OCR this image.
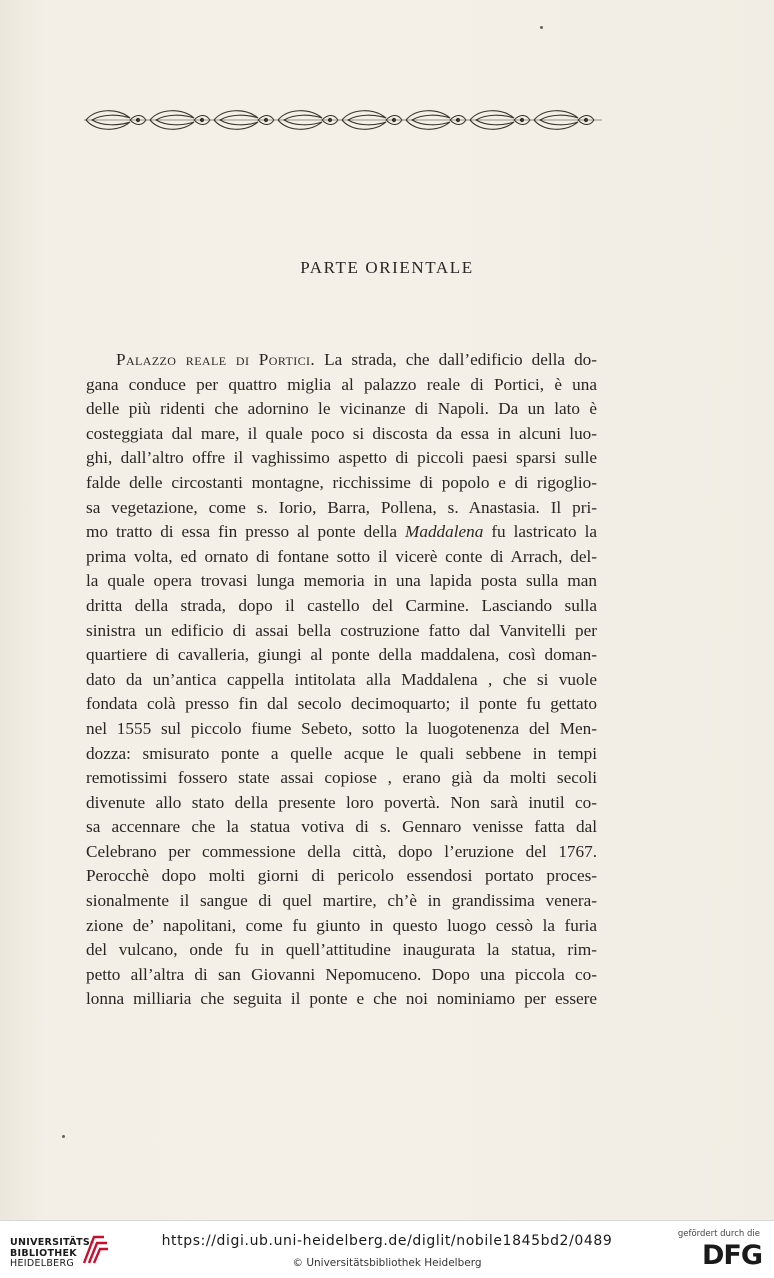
PARTE ORIENTALE
Palazzo reale di Portici. La strada, che dall’edificio della do-
gana conduce per quattro miglia al palazzo reale di Portici, è una
delle più ridenti che adornino le vicinanze di Napoli. Da un lato è
costeggiata dal mare, il quale poco si discosta da essa in alcuni luo-
ghi, dall’altro offre il vaghissimo aspetto di piccoli paesi sparsi sulle
falde delle circostanti montagne, ricchissime di popolo e di rigoglio-
sa vegetazione, come s. Iorio, Barra, Pollena, s. Anastasia. Il pri-
mo tratto di essa fin presso al ponte della Maddalena fu lastricato la
prima volta, ed ornato di fontane sotto il vicerè conte di Arrach, del-
la quale opera trovasi lunga memoria in una lapida posta sulla man
dritta della strada, dopo il castello del Carmine. Lasciando sulla
sinistra un edificio di assai bella costruzione fatto dal Vanvitelli per
quartiere di cavalleria, giungi al ponte della maddalena, così doman-
dato da un’antica cappella intitolata alla Maddalena , che si vuole
fondata colà presso fin dal secolo decimoquarto; il ponte fu gettato
nel 1555 sul piccolo fiume Sebeto, sotto la luogotenenza del Men-
dozza: smisurato ponte a quelle acque le quali sebbene in tempi
remotissimi fossero state assai copiose , erano già da molti secoli
divenute allo stato della presente loro povertà. Non sarà inutil co-
sa accennare che la statua votiva di s. Gennaro venisse fatta dal
Celebrano per commessione della città, dopo l’eruzione del 1767.
Perocchè dopo molti giorni di pericolo essendosi portato proces-
sionalmente il sangue di quel martire, ch’è in grandissima venera-
zione de’ napolitani, come fu giunto in questo luogo cessò la furia
del vulcano, onde fu in quell’attitudine inaugurata la statua, rim-
petto all’altra di san Giovanni Nepomuceno. Dopo una piccola co-
lonna milliaria che seguita il ponte e che noi nominiamo per essere
UNIVERSITÄTS-
BIBLIOTHEK
HEIDELBERG
https://digi.ub.uni-heidelberg.de/diglit/nobile1845bd2/0489
© Universitätsbibliothek Heidelberg
gefördert durch die
DFG
